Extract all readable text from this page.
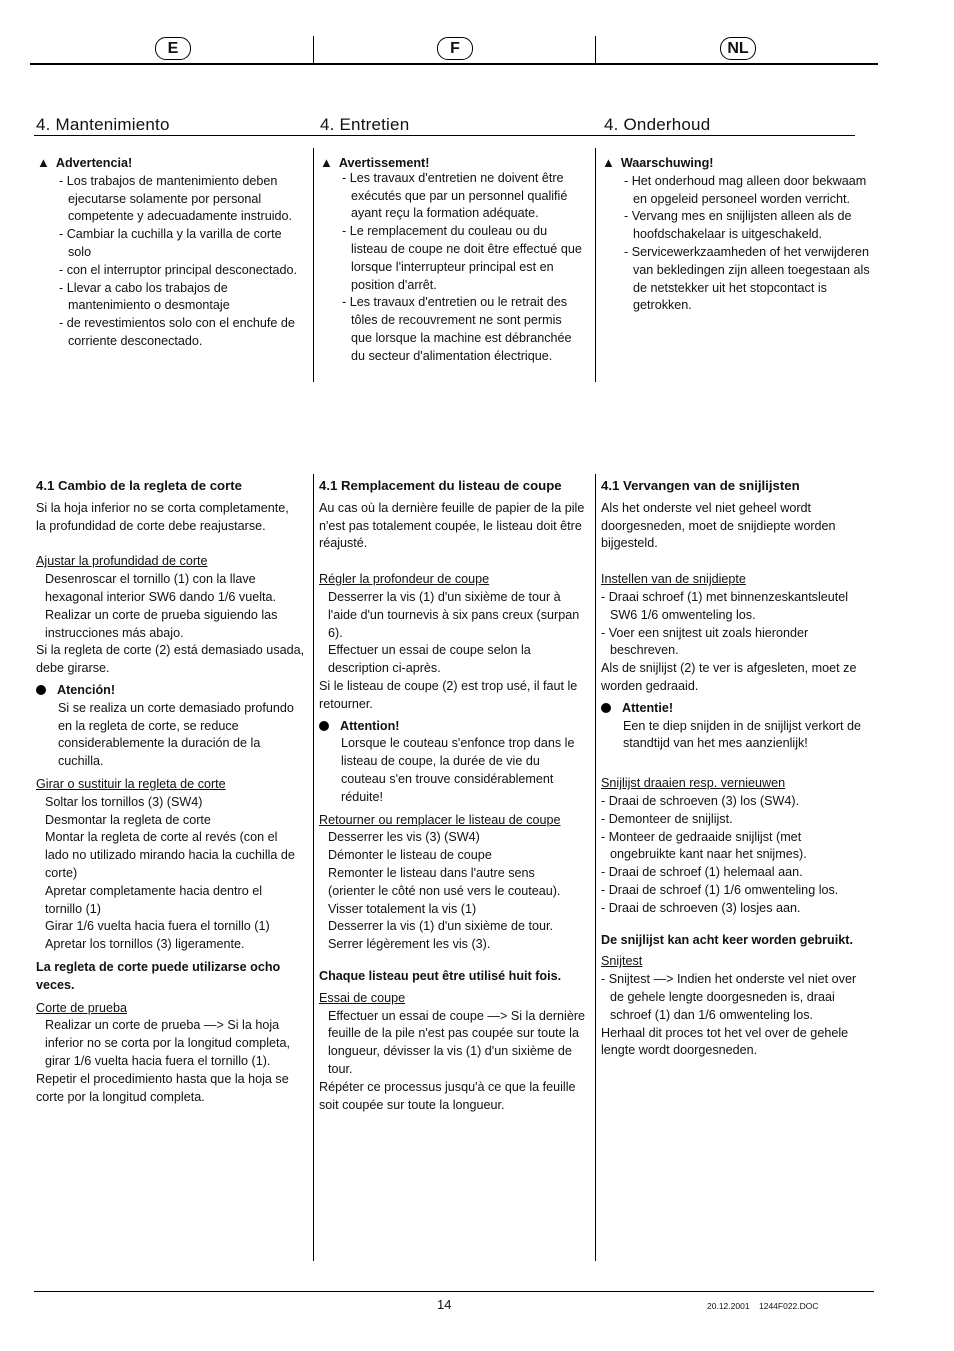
E	F	NL
4. Mantenimiento	4. Entretien	4. Onderhoud

▲ Advertencia!

- Los trabajos de mantenimiento deben

ejecutarse solamente por personal

competente y adecuadamente instruido.

- Cambiar la cuchilla y la varilla de corte

solo

- con el interruptor principal desconectado.

- Llevar a cabo los trabajos de

mantenimiento o desmontaje

- de revestimientos solo con el enchufe de

corriente desconectado.

▲ Avertissement!

- Les travaux d'entretien ne doivent être

exécutés que par un personnel qualifié

ayant reçu la formation adéquate.

- Le remplacement du couleau ou du

listeau de coupe ne doit être effectué que

lorsque l'interrupteur principal est en

position d'arrêt.

- Les travaux d'entretien ou le retrait des

tôles de recouvrement ne sont permis

que lorsque la machine est débranchée

du secteur d'alimentation électrique.

▲ Waarschuwing!

- Het onderhoud mag alleen door bekwaam

en opgeleid personeel worden verricht.

- Vervang mes en snijlijsten alleen als de

hoofdschakelaar is uitgeschakeld.

- Servicewerkzaamheden of het verwijderen

van bekledingen zijn alleen toegestaan als

de netstekker uit het stopcontact is

getrokken.

4.1 Cambio de la regleta de corte

Si la hoja inferior no se corta completamente,

la profundidad de corte debe reajustarse.

Ajustar la profundidad de corte

Desenroscar el tornillo (1) con la llave

hexagonal interior SW6 dando 1/6 vuelta.

Realizar un corte de prueba siguiendo las

instrucciones más abajo.

Si la regleta de corte (2) está demasiado usada,

debe girarse.

Atención!

Si se realiza un corte demasiado profundo

en la regleta de corte, se reduce

considerablemente la duración de la

cuchilla.

Girar o sustituir la regleta de corte

Soltar los tornillos (3) (SW4)

Desmontar la regleta de corte

Montar la regleta de corte al revés (con el

lado no utilizado mirando hacia la cuchilla de

corte)

Apretar completamente hacia dentro el

tornillo (1)

Girar 1/6 vuelta hacia fuera el tornillo (1)

Apretar los tornillos (3) ligeramente.

La regleta de corte puede utilizarse ocho

veces.

Corte de prueba

Realizar un corte de prueba —> Si la hoja

inferior no se corta por la longitud completa,

girar 1/6 vuelta hacia fuera el tornillo (1).

Repetir el procedimiento hasta que la hoja se

corte por la longitud completa.

4.1 Remplacement du listeau de coupe

Au cas où la dernière feuille de papier de la pile

n'est pas totalement coupée, le listeau doit être

réajusté.

Régler la profondeur de coupe

Desserrer la vis (1) d'un sixième de tour à

l'aide d'un tournevis à six pans creux (surpan

6).

Effectuer un essai de coupe selon la

description ci-après.

Si le listeau de coupe (2) est trop usé, il faut le

retourner.

Attention!

Lorsque le couteau s'enfonce trop dans le

listeau de coupe, la durée de vie du

couteau s'en trouve considérablement

réduite!

Retourner ou remplacer le listeau de coupe

Desserrer les vis (3) (SW4)

Démonter le listeau de coupe

Remonter le listeau dans l'autre sens

(orienter le côté non usé vers le couteau).

Visser totalement la vis (1)

Desserrer la vis (1) d'un sixième de tour.

Serrer légèrement les vis (3).

Chaque listeau peut être utilisé huit fois.

Essai de coupe

Effectuer un essai de coupe —> Si la dernière

feuille de la pile n'est pas coupée sur toute la

longueur, dévisser la vis (1) d'un sixième de

tour.

Répéter ce processus jusqu'à ce que la feuille

soit coupée sur toute la longueur.

4.1 Vervangen van de snijlijsten

Als het onderste vel niet geheel wordt

doorgesneden, moet de snijdiepte worden

bijgesteld.

Instellen van de snijdiepte

- Draai schroef (1) met binnenzeskantsleutel

SW6 1/6 omwenteling los.

- Voer een snijtest uit zoals hieronder

beschreven.

Als de snijlijst (2) te ver is afgesleten, moet ze

worden gedraaid.

Attentie!

Een te diep snijden in de snijlijst verkort de

standtijd van het mes aanzienlijk!

Snijlijst draaien resp. vernieuwen

- Draai de schroeven (3) los (SW4).

- Demonteer de snijlijst.

- Monteer de gedraaide snijlijst (met

ongebruikte kant naar het snijmes).

- Draai de schroef (1) helemaal aan.

- Draai de schroef (1) 1/6 omwenteling los.

- Draai de schroeven (3) losjes aan.

De snijlijst kan acht keer worden gebruikt.

Snijtest

- Snijtest —> Indien het onderste vel niet over

de gehele lengte doorgesneden is, draai

schroef (1) dan 1/6 omwenteling los.

Herhaal dit proces tot het vel over de gehele

lengte wordt doorgesneden.

14	20.12.2001    1244F022.DOC
